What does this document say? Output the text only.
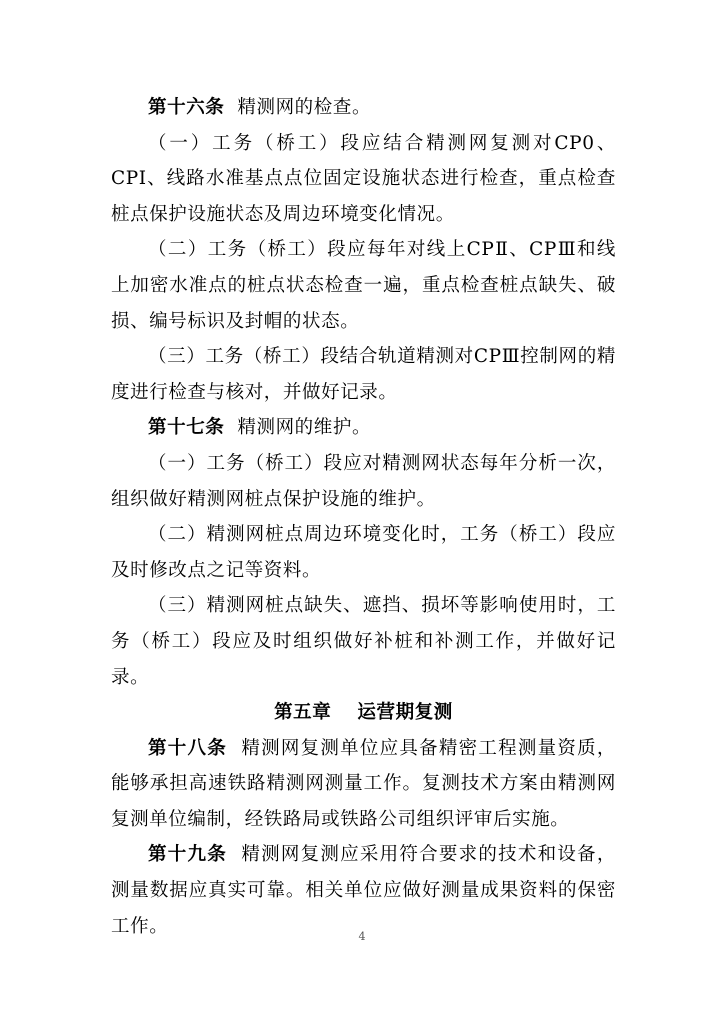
第十六条 精测网的检查。

（一）工务（桥工）段应结合精测网复测对CP0、CPI、线路水准基点点位固定设施状态进行检查，重点检查桩点保护设施状态及周边环境变化情况。

（二）工务（桥工）段应每年对线上CPⅡ、CPⅢ和线上加密水准点的桩点状态检查一遍，重点检查桩点缺失、破损、编号标识及封帽的状态。

（三）工务（桥工）段结合轨道精测对CPⅢ控制网的精度进行检查与核对，并做好记录。

第十七条 精测网的维护。

（一）工务（桥工）段应对精测网状态每年分析一次，组织做好精测网桩点保护设施的维护。

（二）精测网桩点周边环境变化时，工务（桥工）段应及时修改点之记等资料。

（三）精测网桩点缺失、遮挡、损坏等影响使用时，工务（桥工）段应及时组织做好补桩和补测工作，并做好记录。

第五章 运营期复测

第十八条 精测网复测单位应具备精密工程测量资质，能够承担高速铁路精测网测量工作。复测技术方案由精测网复测单位编制，经铁路局或铁路公司组织评审后实施。

第十九条 精测网复测应采用符合要求的技术和设备，测量数据应真实可靠。相关单位应做好测量成果资料的保密工作。	4
